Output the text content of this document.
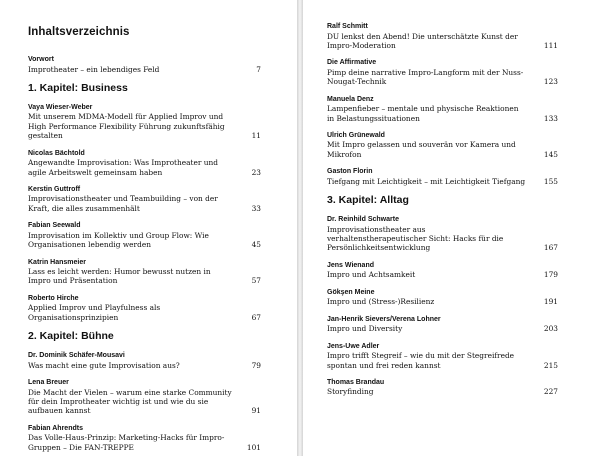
Inhaltsverzeichnis
Vorwort
Improtheater – ein lebendiges Feld	7
1. Kapitel: Business
Vaya Wieser-Weber
Mit unserem MDMA-Modell für Applied Improv und High Performance Flexibility Führung zukunftsfähig gestalten	11
Nicolas Bächtold
Angewandte Improvisation: Was Improtheater und agile Arbeitswelt gemeinsam haben	23
Kerstin Guttroff
Improvisationstheater und Teambuilding – von der Kraft, die alles zusammenhält	33
Fabian Seewald
Improvisation im Kollektiv und Group Flow: Wie Organisationen lebendig werden	45
Katrin Hansmeier
Lass es leicht werden: Humor bewusst nutzen in Impro und Präsentation	57
Roberto Hirche
Applied Improv und Playfulness als Organisationsprinzipien	67
2. Kapitel: Bühne
Dr. Dominik Schäfer-Mousavi
Was macht eine gute Improvisation aus?	79
Lena Breuer
Die Macht der Vielen – warum eine starke Community für dein Improtheater wichtig ist und wie du sie aufbauen kannst	91
Fabian Ahrendts
Das Volle-Haus-Prinzip: Marketing-Hacks für Impro-Gruppen – Die FAN-TREPPE	101
Ralf Schmitt
DU lenkst den Abend! Die unterschätzte Kunst der Impro-Moderation	111
Die Affirmative
Pimp deine narrative Impro-Langform mit der Nuss-Nougat-Technik	123
Manuela Denz
Lampenfieber – mentale und physische Reaktionen in Belastungssituationen	133
Ulrich Grünewald
Mit Impro gelassen und souverän vor Kamera und Mikrofon	145
Gaston Florin
Tiefgang mit Leichtigkeit – mit Leichtigkeit Tiefgang	155
3. Kapitel: Alltag
Dr. Reinhild Schwarte
Improvisationstheater aus verhaltenstherapeutischer Sicht: Hacks für die Persönlichkeitsentwicklung	167
Jens Wienand
Impro und Achtsamkeit	179
Gökşen Meine
Impro und (Stress-)Resilienz	191
Jan-Henrik Sievers/Verena Lohner
Impro und Diversity	203
Jens-Uwe Adler
Impro trifft Stegreif – wie du mit der Stegreifrede spontan und frei reden kannst	215
Thomas Brandau
Storyfinding	227
